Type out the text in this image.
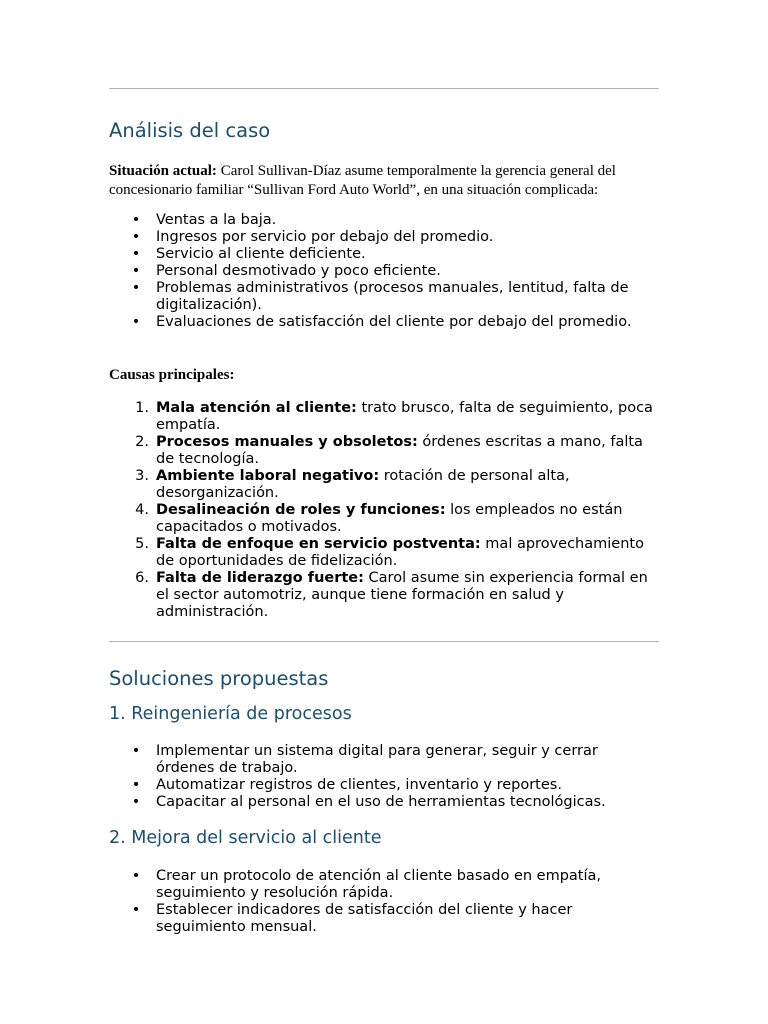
Análisis del caso

Situación actual: Carol Sullivan-Díaz asume temporalmente la gerencia general del concesionario familiar “Sullivan Ford Auto World”, en una situación complicada:

• Ventas a la baja.
• Ingresos por servicio por debajo del promedio.
• Servicio al cliente deficiente.
• Personal desmotivado y poco eficiente.
• Problemas administrativos (procesos manuales, lentitud, falta de digitalización).
• Evaluaciones de satisfacción del cliente por debajo del promedio.

Causas principales:

1. Mala atención al cliente: trato brusco, falta de seguimiento, poca empatía.
2. Procesos manuales y obsoletos: órdenes escritas a mano, falta de tecnología.
3. Ambiente laboral negativo: rotación de personal alta, desorganización.
4. Desalineación de roles y funciones: los empleados no están capacitados o motivados.
5. Falta de enfoque en servicio postventa: mal aprovechamiento de oportunidades de fidelización.
6. Falta de liderazgo fuerte: Carol asume sin experiencia formal en el sector automotriz, aunque tiene formación en salud y administración.
Soluciones propuestas
1. Reingeniería de procesos
• Implementar un sistema digital para generar, seguir y cerrar órdenes de trabajo.
• Automatizar registros de clientes, inventario y reportes.
• Capacitar al personal en el uso de herramientas tecnológicas.
2. Mejora del servicio al cliente
• Crear un protocolo de atención al cliente basado en empatía, seguimiento y resolución rápida.
• Establecer indicadores de satisfacción del cliente y hacer seguimiento mensual.
